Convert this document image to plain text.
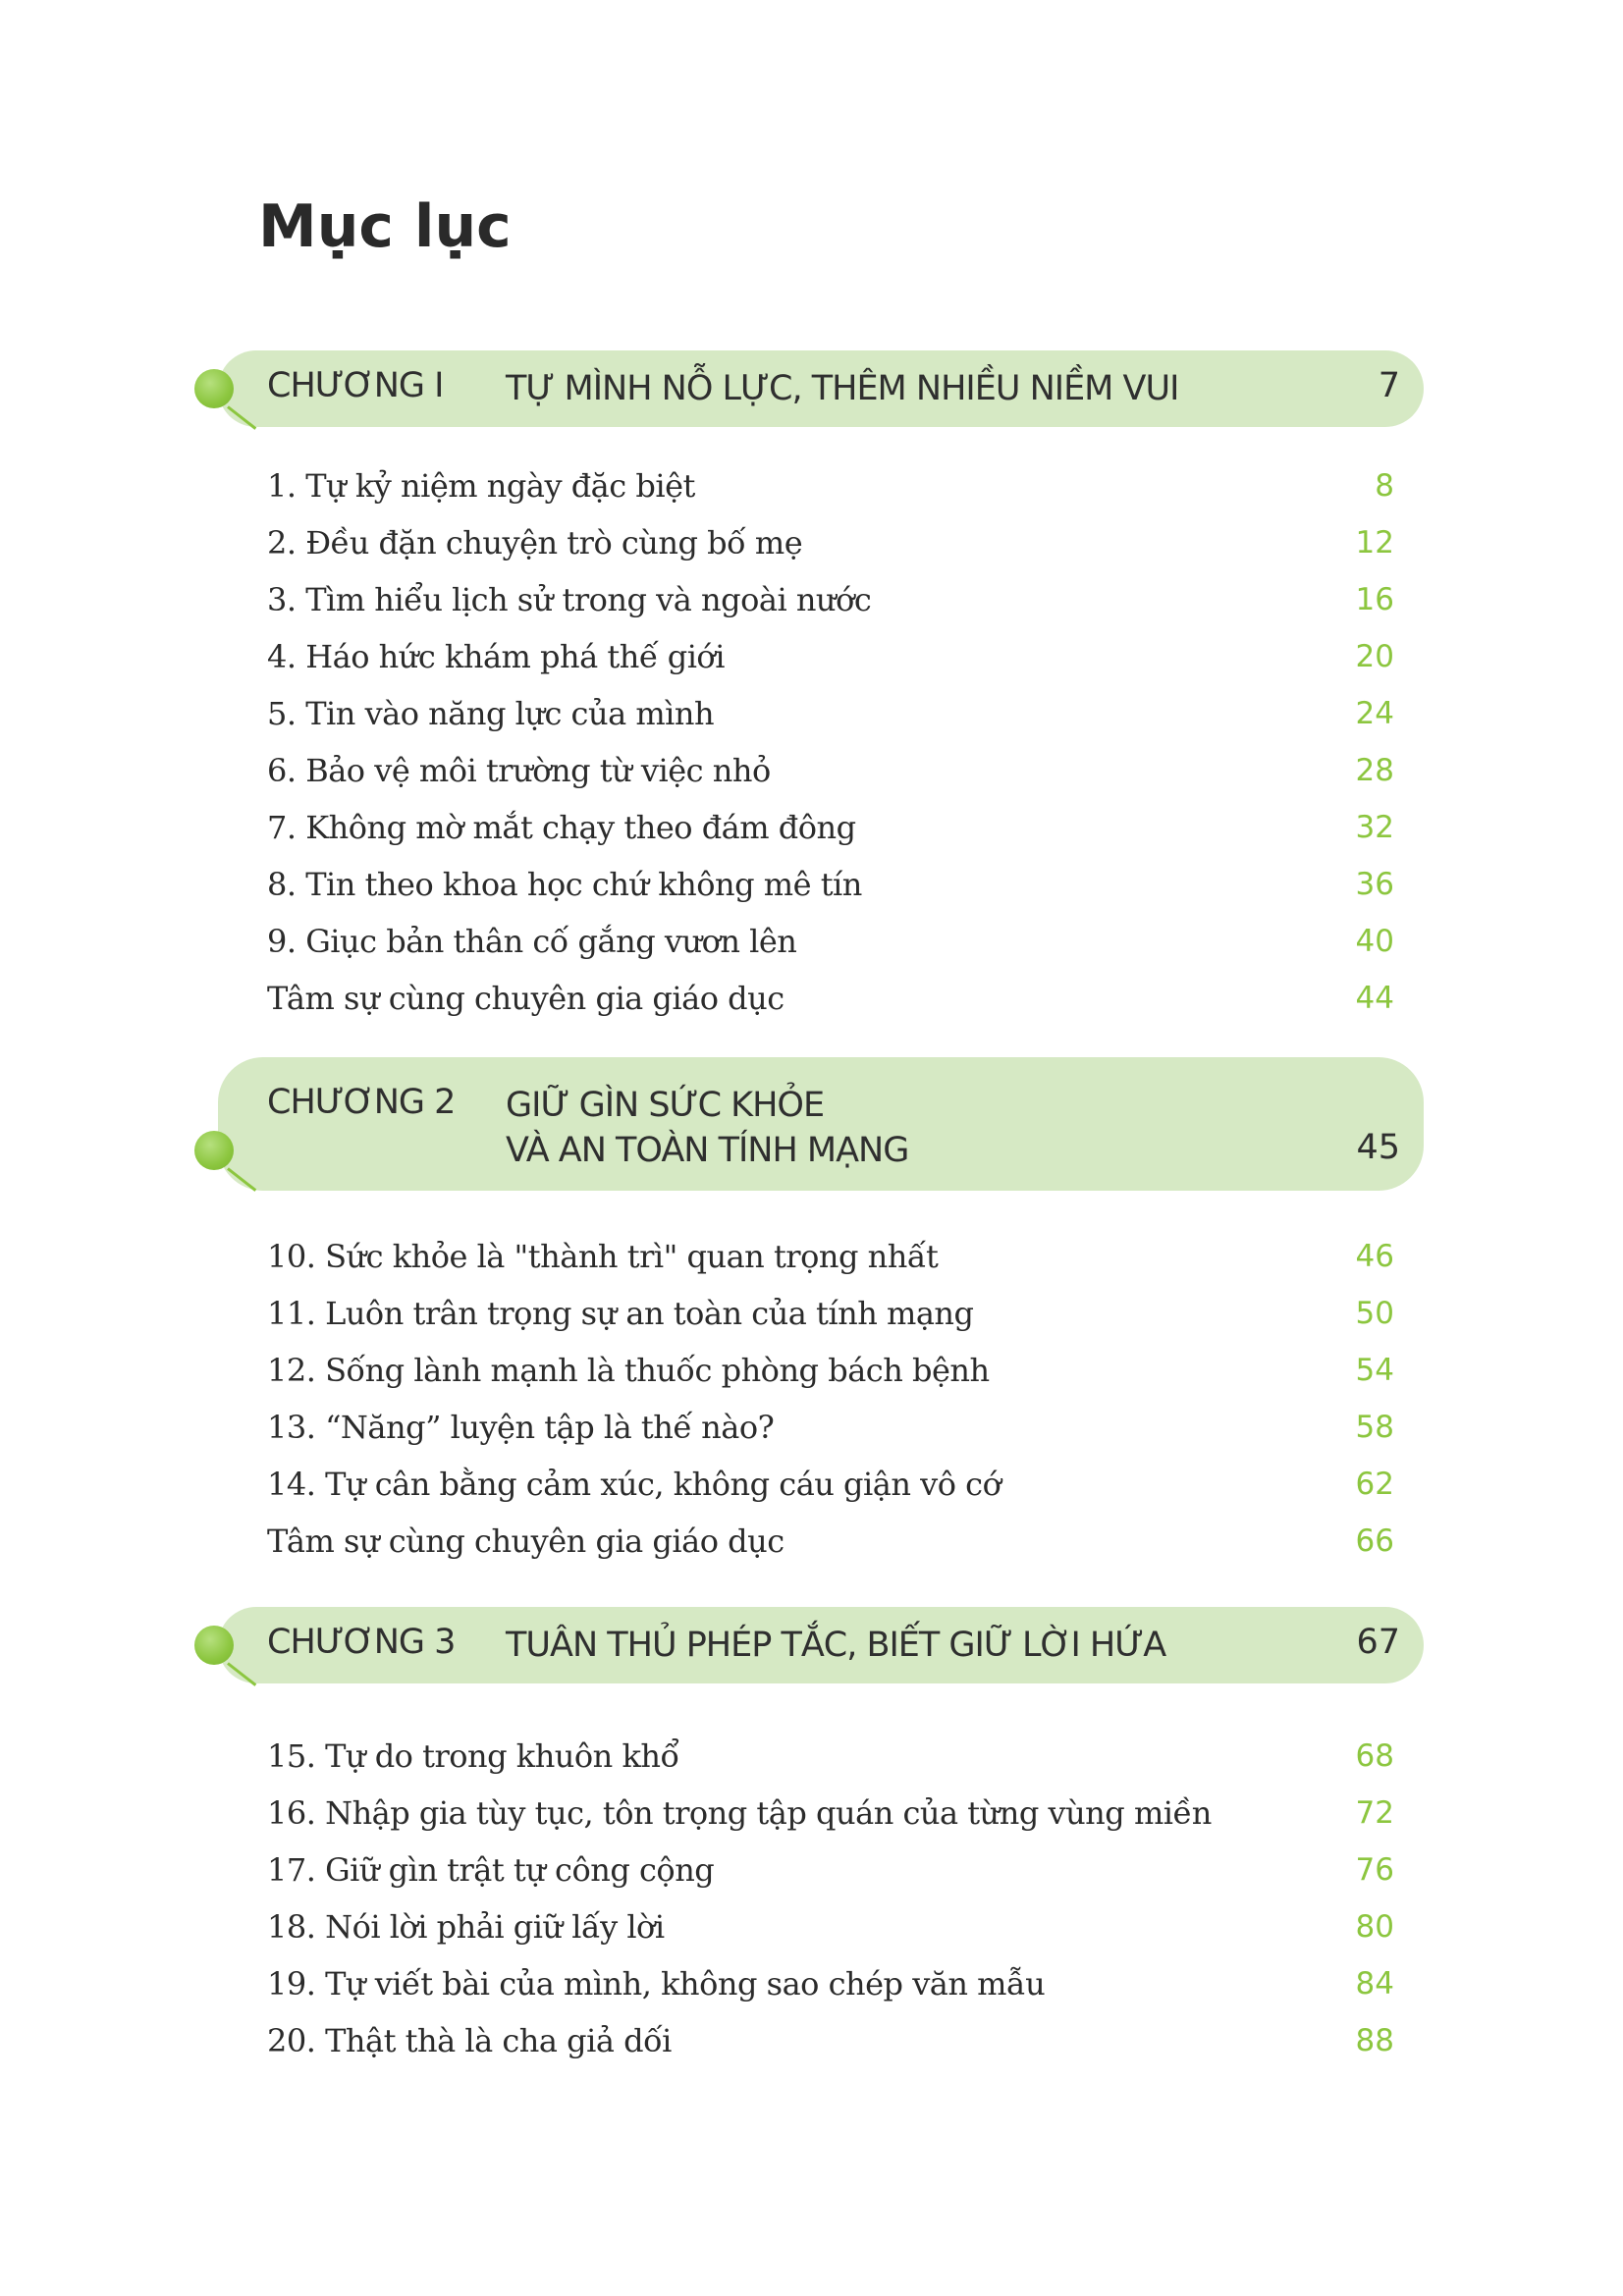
Mục lục
CHƯƠNG I TỰ MÌNH NỖ LỰC, THÊM NHIỀU NIỀM VUI	7
1. Tự kỷ niệm ngày đặc biệt	8
2. Đều đặn chuyện trò cùng bố mẹ	12
3. Tìm hiểu lịch sử trong và ngoài nước	16
4. Háo hức khám phá thế giới	20
5. Tin vào năng lực của mình	24
6. Bảo vệ môi trường từ việc nhỏ	28
7. Không mờ mắt chạy theo đám đông	32
8. Tin theo khoa học chứ không mê tín	36
9. Giục bản thân cố gắng vươn lên	40
Tâm sự cùng chuyên gia giáo dục	44
CHƯƠNG 2 GIỮ GÌN SỨC KHỎE
VÀ AN TOÀN TÍNH MẠNG	45
10. Sức khỏe là "thành trì" quan trọng nhất	46
11. Luôn trân trọng sự an toàn của tính mạng	50
12. Sống lành mạnh là thuốc phòng bách bệnh	54
13. “Năng” luyện tập là thế nào?	58
14. Tự cân bằng cảm xúc, không cáu giận vô cớ	62
Tâm sự cùng chuyên gia giáo dục	66
CHƯƠNG 3 TUÂN THỦ PHÉP TẮC, BIẾT GIỮ LỜI HỨA	67
15. Tự do trong khuôn khổ	68
16. Nhập gia tùy tục, tôn trọng tập quán của từng vùng miền	72
17. Giữ gìn trật tự công cộng	76
18. Nói lời phải giữ lấy lời	80
19. Tự viết bài của mình, không sao chép văn mẫu	84
20. Thật thà là cha giả dối	88
